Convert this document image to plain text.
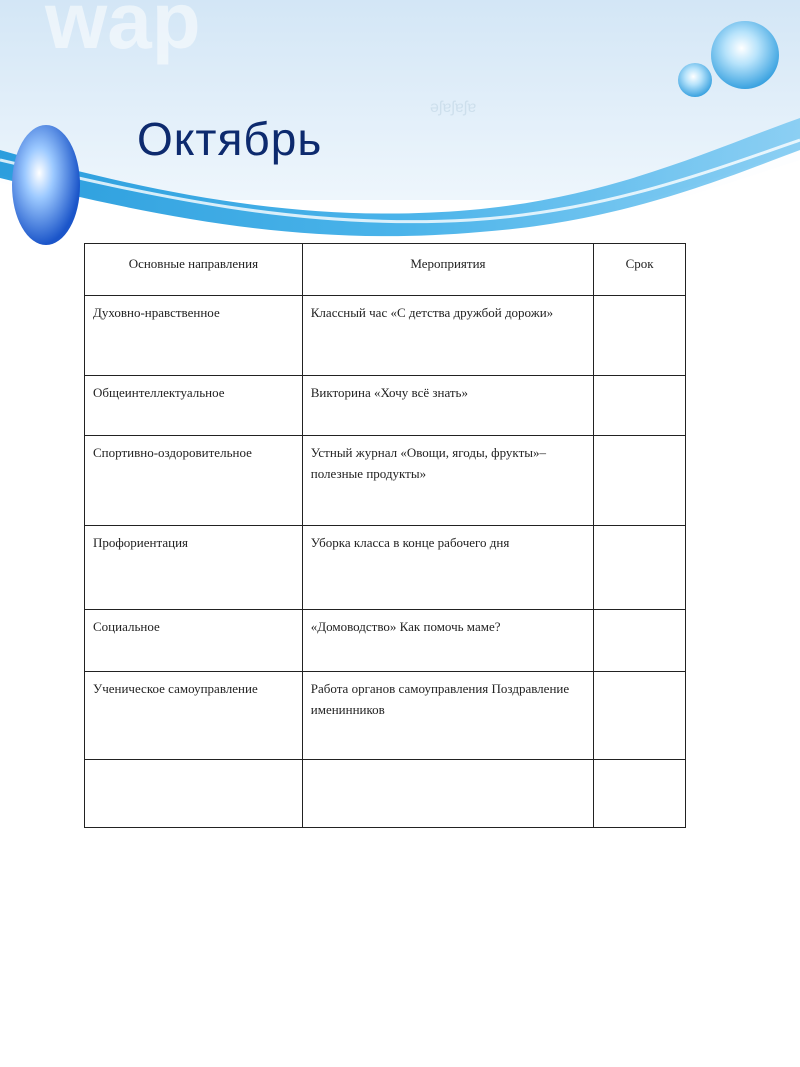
wap
ǝʃɐʃɐʃɐ
Октябрь
Основные направления	Мероприятия	Срок
Духовно-нравственное	Классный час «С детства дружбой дорожи»	
Общеинтеллектуальное	Викторина «Хочу всё знать»	
Спортивно-оздоровительное	Устный журнал «Овощи, ягоды, фрукты»– полезные продукты»	
Профориентация	Уборка класса в конце рабочего дня	
Социальное	«Домоводство» Как помочь маме?	
Ученическое самоуправление	Работа органов самоуправления Поздравление именинников	
